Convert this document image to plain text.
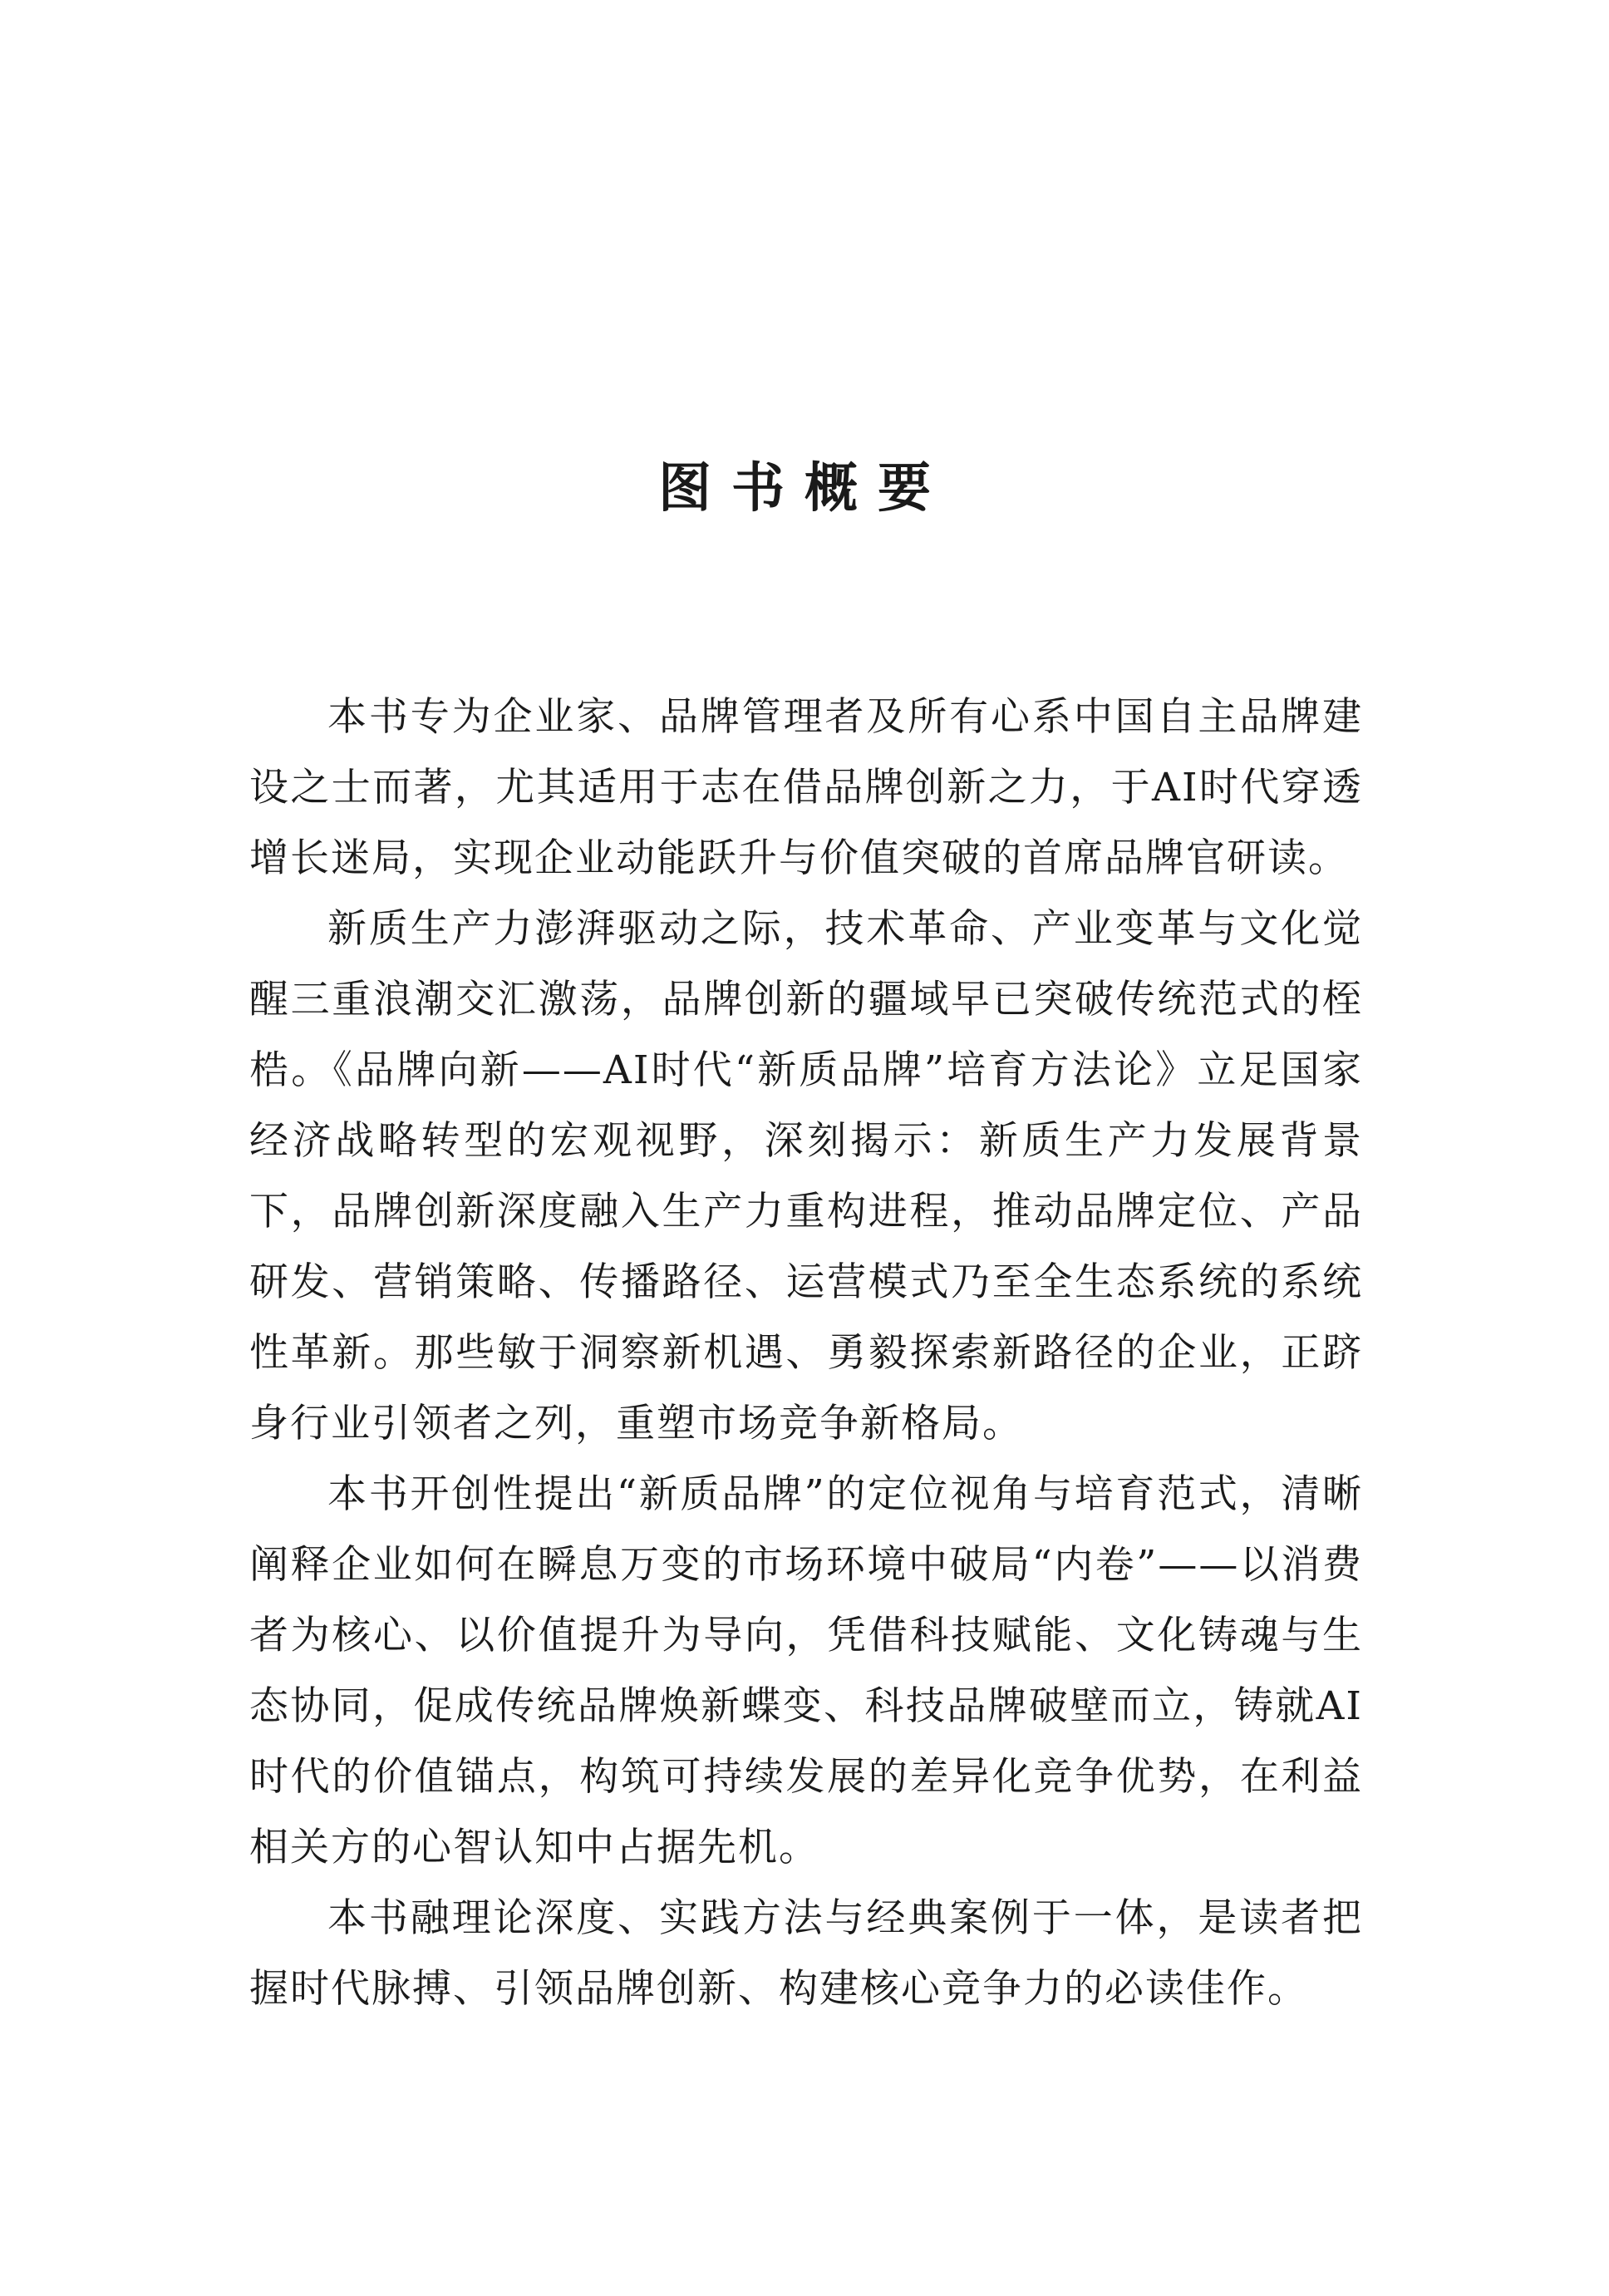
图书概要

本书专为企业家、品牌管理者及所有心系中国自主品牌建设之士而著，尤其适用于志在借品牌创新之力，于AI时代穿透增长迷局，实现企业动能跃升与价值突破的首席品牌官研读。

新质生产力澎湃驱动之际，技术革命、产业变革与文化觉醒三重浪潮交汇激荡，品牌创新的疆域早已突破传统范式的桎梏。《品牌向新——AI时代“新质品牌”培育方法论》立足国家经济战略转型的宏观视野，深刻揭示：新质生产力发展背景下，品牌创新深度融入生产力重构进程，推动品牌定位、产品研发、营销策略、传播路径、运营模式乃至全生态系统的系统性革新。那些敏于洞察新机遇、勇毅探索新路径的企业，正跻身行业引领者之列，重塑市场竞争新格局。

本书开创性提出“新质品牌”的定位视角与培育范式，清晰阐释企业如何在瞬息万变的市场环境中破局“内卷”——以消费者为核心、以价值提升为导向，凭借科技赋能、文化铸魂与生态协同，促成传统品牌焕新蝶变、科技品牌破壁而立，铸就AI时代的价值锚点，构筑可持续发展的差异化竞争优势，在利益相关方的心智认知中占据先机。

本书融理论深度、实践方法与经典案例于一体，是读者把握时代脉搏、引领品牌创新、构建核心竞争力的必读佳作。
